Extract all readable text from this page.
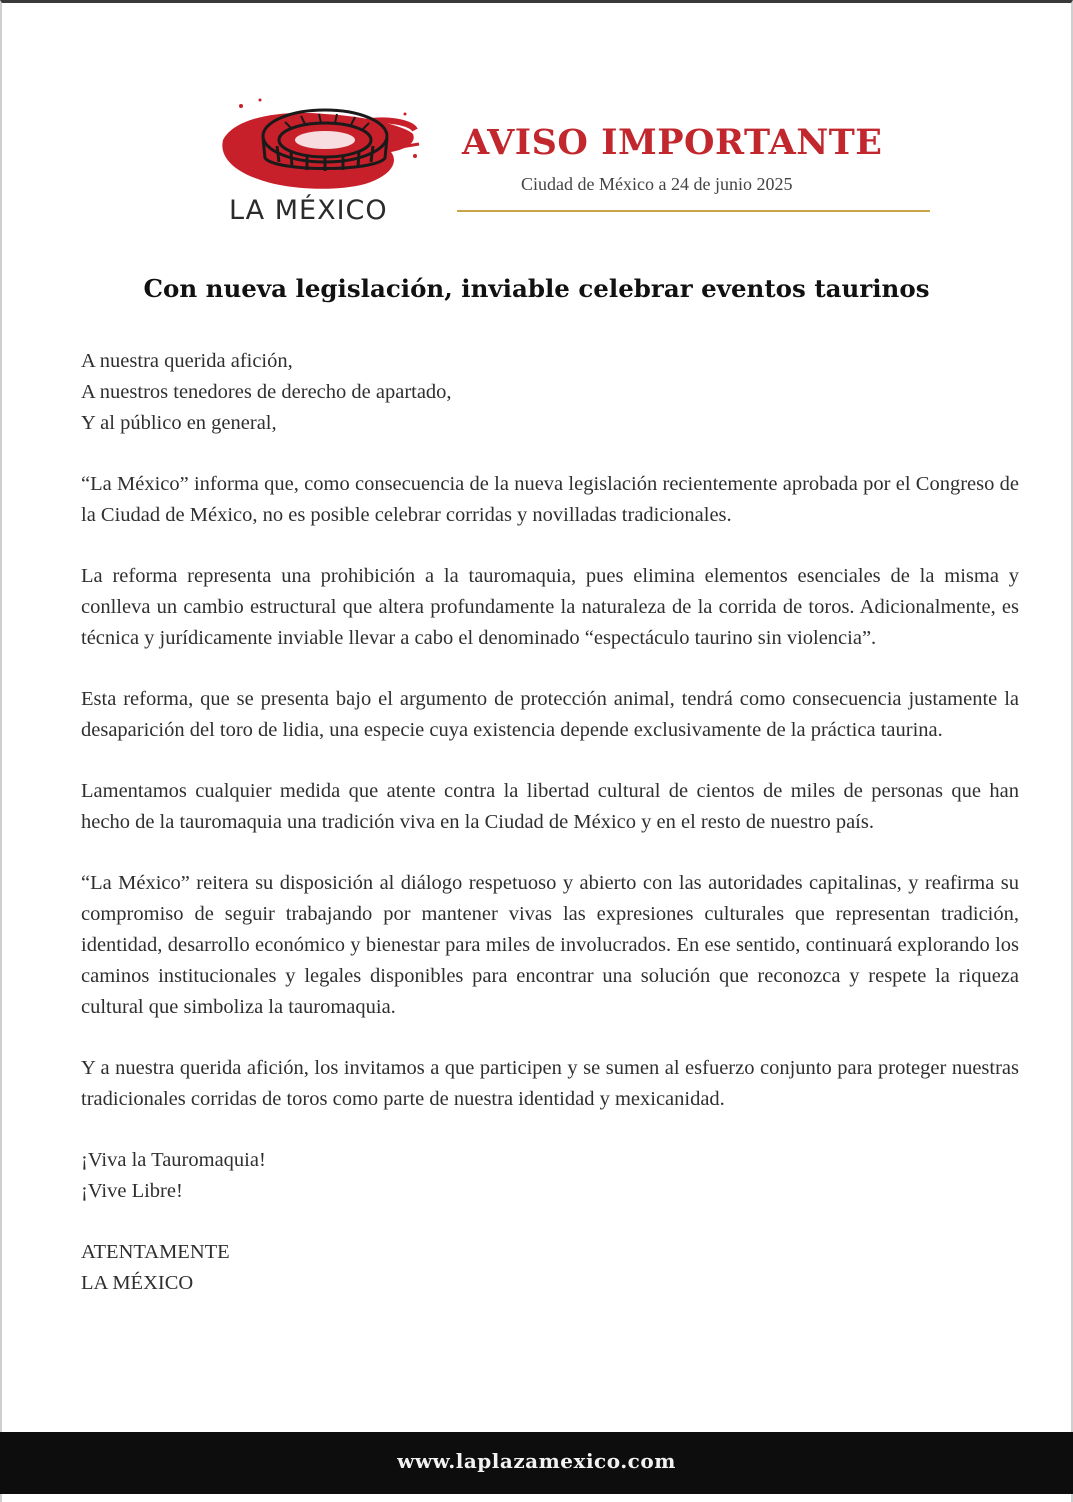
LA MÉXICO
AVISO IMPORTANTE
Ciudad de México a 24 de junio 2025
Con nueva legislación, inviable celebrar eventos taurinos

A nuestra querida afición,
A nuestros tenedores de derecho de apartado,
Y al público en general,

“La México” informa que, como consecuencia de la nueva legislación recientemente aprobada por el Congreso de la Ciudad de México, no es posible celebrar corridas y novilladas tradicionales.

La reforma representa una prohibición a la tauromaquia, pues elimina elementos esenciales de la misma y conlleva un cambio estructural que altera profundamente la naturaleza de la corrida de toros. Adicionalmente, es técnica y jurídicamente inviable llevar a cabo el denominado “espectáculo taurino sin violencia”.

Esta reforma, que se presenta bajo el argumento de protección animal, tendrá como consecuencia justamente la desaparición del toro de lidia, una especie cuya existencia depende exclusivamente de la práctica taurina.

Lamentamos cualquier medida que atente contra la libertad cultural de cientos de miles de personas que han hecho de la tauromaquia una tradición viva en la Ciudad de México y en el resto de nuestro país.

“La México” reitera su disposición al diálogo respetuoso y abierto con las autoridades capitalinas, y reafirma su compromiso de seguir trabajando por mantener vivas las expresiones culturales que representan tradición, identidad, desarrollo económico y bienestar para miles de involucrados. En ese sentido, continuará explorando los caminos institucionales y legales disponibles para encontrar una solución que reconozca y respete la riqueza cultural que simboliza la tauromaquia.

Y a nuestra querida afición, los invitamos a que participen y se sumen al esfuerzo conjunto para proteger nuestras tradicionales corridas de toros como parte de nuestra identidad y mexicanidad.

¡Viva la Tauromaquia!
¡Vive Libre!

ATENTAMENTE
LA MÉXICO

www.laplazamexico.com
